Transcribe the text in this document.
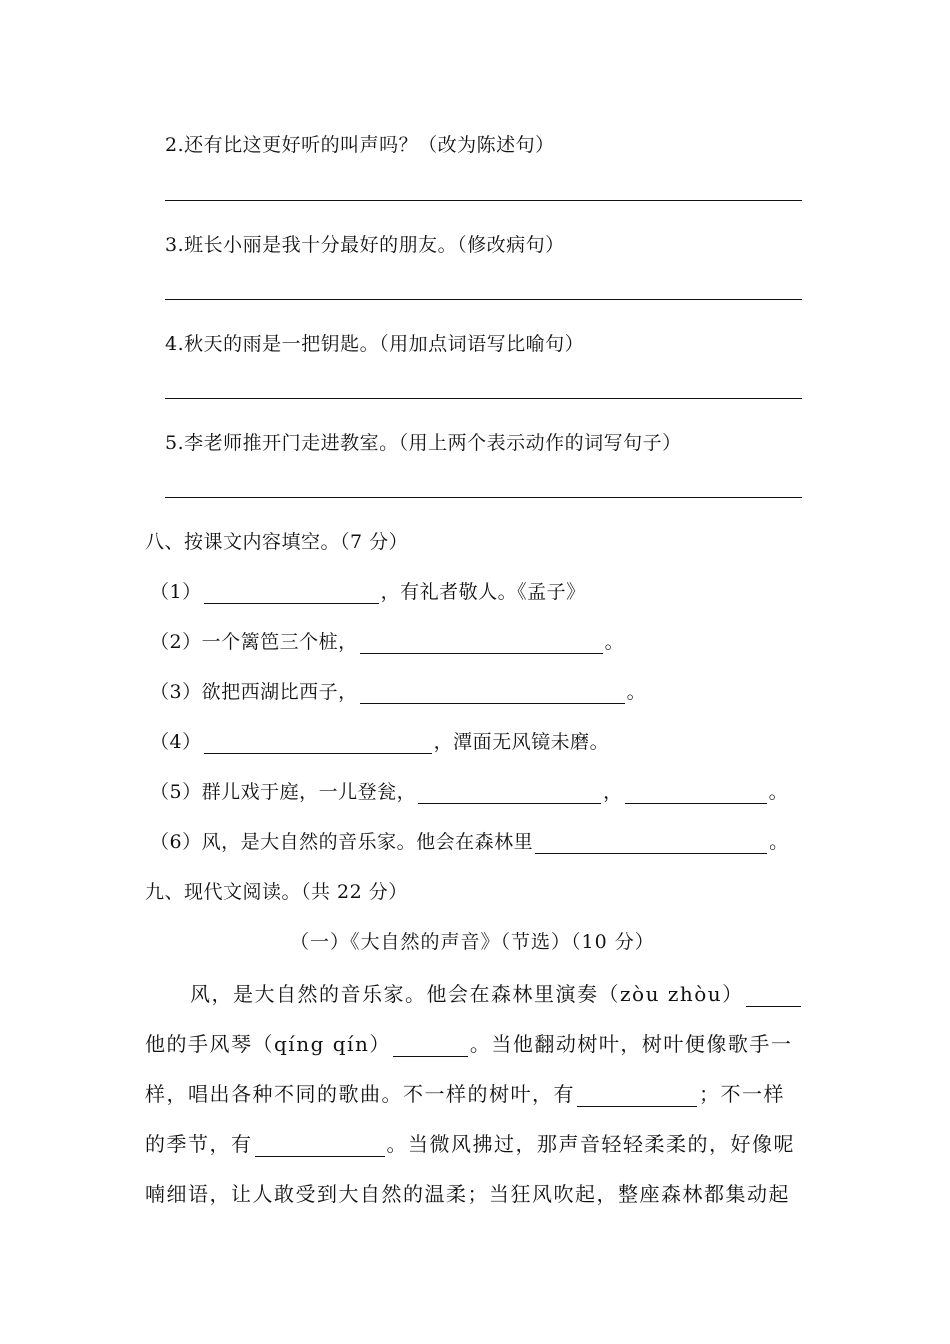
2.还有比这更好听的叫声吗？（改为陈述句）
3.班长小丽是我十分最好的朋友。（修改病句）
4.秋天的雨是一把钥匙。（用加点词语写比喻句）
5.李老师推开门走进教室。（用上两个表示动作的词写句子）
八、按课文内容填空。（7 分）
（1）	，有礼者敬人。《孟子》
（2）一个篱笆三个桩，	。
（3）欲把西湖比西子，	。
（4）	，潭面无风镜未磨。
（5）群儿戏于庭，一儿登瓮，	，	。
（6）风，是大自然的音乐家。他会在森林里	。
九、现代文阅读。（共 22 分）
（一）《大自然的声音》（节选）（10 分）
风，是大自然的音乐家。他会在森林里演奏（zòu zhòu）
他的手风琴（qíng qín）	。当他翻动树叶，树叶便像歌手一
样，唱出各种不同的歌曲。不一样的树叶，有	；不一样
的季节，有	。当微风拂过，那声音轻轻柔柔的，好像呢
喃细语，让人敢受到大自然的温柔；当狂风吹起，整座森林都集动起
